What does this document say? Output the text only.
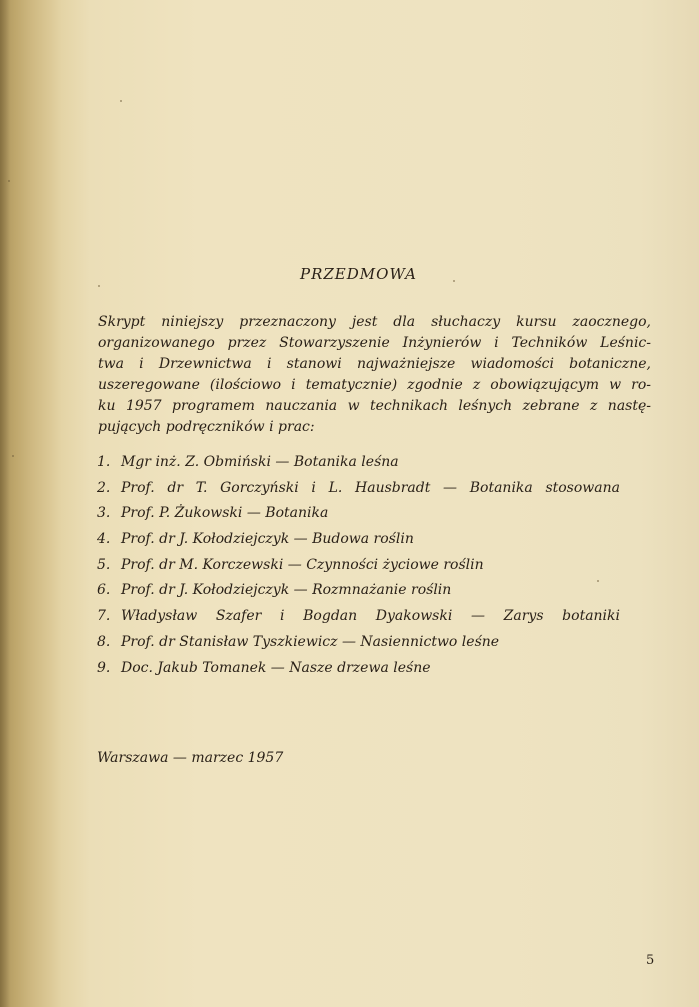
PRZEDMOWA
Skrypt niniejszy przeznaczony jest dla słuchaczy kursu zaocznego,
organizowanego przez Stowarzyszenie Inżynierów i Techników Leśnic-
twa i Drzewnictwa i stanowi najważniejsze wiadomości botaniczne,
uszeregowane (ilościowo i tematycznie) zgodnie z obowiązującym w ro-
ku 1957 programem nauczania w technikach leśnych zebrane z nastę-
pujących podręczników i prac:
1. Mgr inż. Z. Obmiński — Botanika leśna
2. Prof. dr T. Gorczyński i L. Hausbradt — Botanika stosowana
3. Prof. P. Żukowski — Botanika
4. Prof. dr J. Kołodziejczyk — Budowa roślin
5. Prof. dr M. Korczewski — Czynności życiowe roślin
6. Prof. dr J. Kołodziejczyk — Rozmnażanie roślin
7. Władysław Szafer i Bogdan Dyakowski — Zarys botaniki
8. Prof. dr Stanisław Tyszkiewicz — Nasiennictwo leśne
9. Doc. Jakub Tomanek — Nasze drzewa leśne
Warszawa — marzec 1957
5
